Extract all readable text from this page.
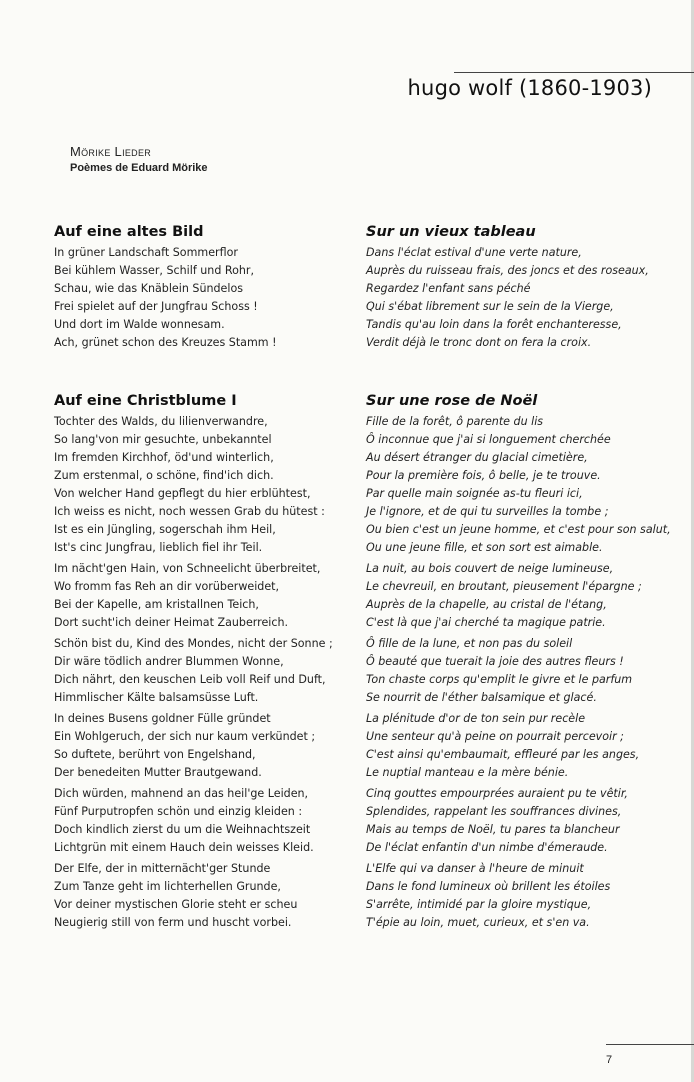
hugo wolf (1860-1903)
Mörike Lieder
Poèmes de Eduard Mörike
Auf eine altes Bild
In grüner Landschaft Sommerflor
Bei kühlem Wasser, Schilf und Rohr,
Schau, wie das Knäblein Sündelos
Frei spielet auf der Jungfrau Schoss !
Und dort im Walde wonnesam.
Ach, grünet schon des Kreuzes Stamm !
Sur un vieux tableau
Dans l'éclat estival d'une verte nature,
Auprès du ruisseau frais, des joncs et des roseaux,
Regardez l'enfant sans péché
Qui s'ébat librement sur le sein de la Vierge,
Tandis qu'au loin dans la forêt enchanteresse,
Verdit déjà le tronc dont on fera la croix.
Auf eine Christblume I
Tochter des Walds, du lilienverwandre,
So lang'von mir gesuchte, unbekanntel
Im fremden Kirchhof, öd'und winterlich,
Zum erstenmal, o schöne, find'ich dich.
Von welcher Hand gepflegt du hier erblühtest,
Ich weiss es nicht, noch wessen Grab du hütest :
Ist es ein Jüngling, sogerschah ihm Heil,
Ist's cinc Jungfrau, lieblich fiel ihr Teil.
Im nächt'gen Hain, von Schneelicht überbreitet,
Wo fromm fas Reh an dir vorüberweidet,
Bei der Kapelle, am kristallnen Teich,
Dort sucht'ich deiner Heimat Zauberreich.
Schön bist du, Kind des Mondes, nicht der Sonne ;
Dir wäre tödlich andrer Blummen Wonne,
Dich nährt, den keuschen Leib voll Reif und Duft,
Himmlischer Kälte balsamsüsse Luft.
In deines Busens goldner Fülle gründet
Ein Wohlgeruch, der sich nur kaum verkündet ;
So duftete, berührt von Engelshand,
Der benedeiten Mutter Brautgewand.
Dich würden, mahnend an das heil'ge Leiden,
Fünf Purputropfen schön und einzig kleiden :
Doch kindlich zierst du um die Weihnachtszeit
Lichtgrün mit einem Hauch dein weisses Kleid.
Der Elfe, der in mitternächt'ger Stunde
Zum Tanze geht im lichterhellen Grunde,
Vor deiner mystischen Glorie steht er scheu
Neugierig still von ferm und huscht vorbei.
Sur une rose de Noël
Fille de la forêt, ô parente du lis
Ô inconnue que j'ai si longuement cherchée
Au désert étranger du glacial cimetière,
Pour la première fois, ô belle, je te trouve.
Par quelle main soignée as-tu fleuri ici,
Je l'ignore, et de qui tu surveilles la tombe ;
Ou bien c'est un jeune homme, et c'est pour son salut,
Ou une jeune fille, et son sort est aimable.
La nuit, au bois couvert de neige lumineuse,
Le chevreuil, en broutant, pieusement l'épargne ;
Auprès de la chapelle, au cristal de l'étang,
C'est là que j'ai cherché ta magique patrie.
Ô fille de la lune, et non pas du soleil
Ô beauté que tuerait la joie des autres fleurs !
Ton chaste corps qu'emplit le givre et le parfum
Se nourrit de l'éther balsamique et glacé.
La plénitude d'or de ton sein pur recèle
Une senteur qu'à peine on pourrait percevoir ;
C'est ainsi qu'embaumait, effleuré par les anges,
Le nuptial manteau e la mère bénie.
Cinq gouttes empourprées auraient pu te vêtir,
Splendides, rappelant les souffrances divines,
Mais au temps de Noël, tu pares ta blancheur
De l'éclat enfantin d'un nimbe d'émeraude.
L'Elfe qui va danser à l'heure de minuit
Dans le fond lumineux où brillent les étoiles
S'arrête, intimidé par la gloire mystique,
T'épie au loin, muet, curieux, et s'en va.
7
